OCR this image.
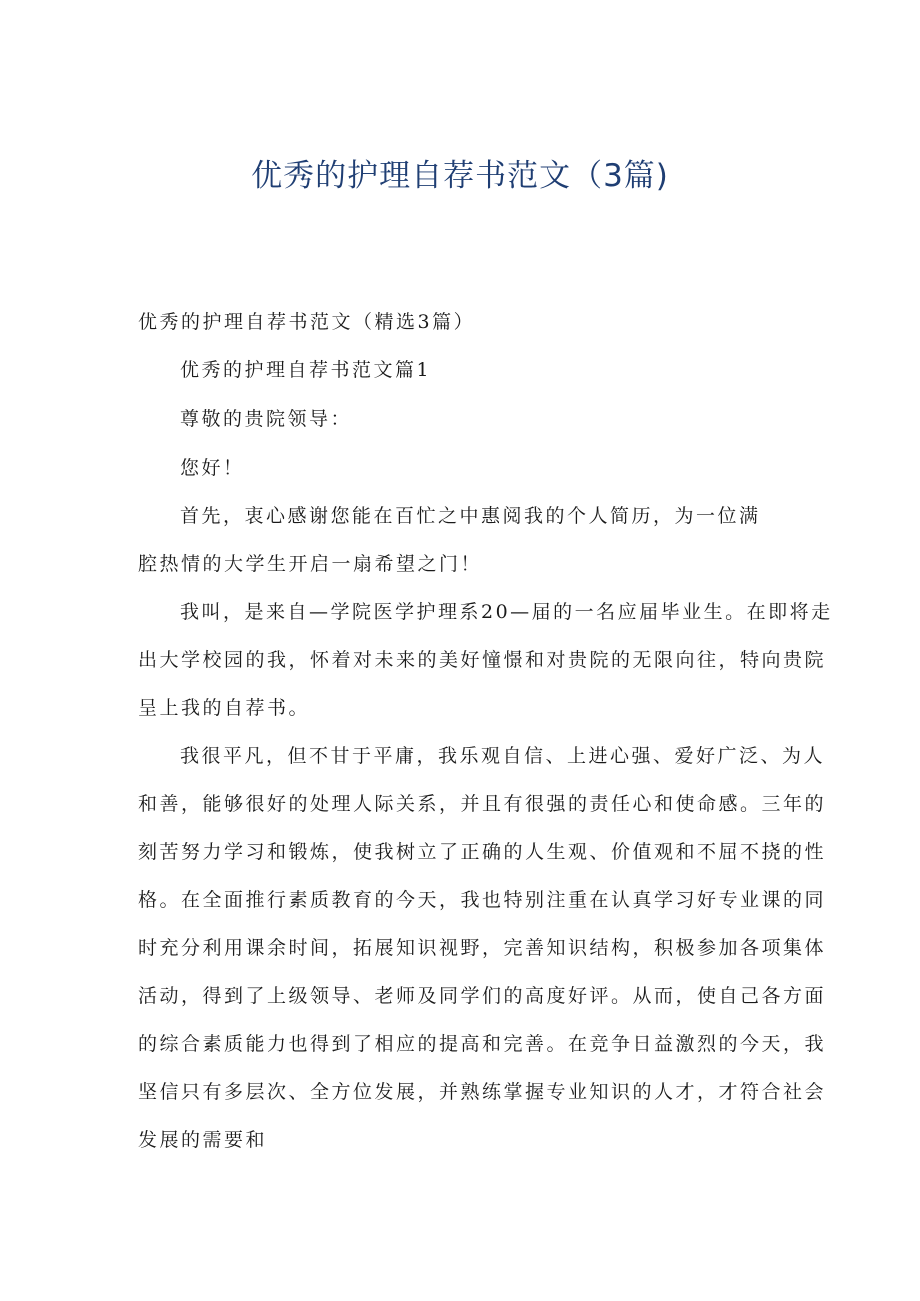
优秀的护理自荐书范文（3篇)

优秀的护理自荐书范文（精选3篇）

优秀的护理自荐书范文篇1

尊敬的贵院领导：

您好！

首先，衷心感谢您能在百忙之中惠阅我的个人简历，为一位满

腔热情的大学生开启一扇希望之门！

我叫，是来自—学院医学护理系20—届的一名应届毕业生。在即将走

出大学校园的我，怀着对未来的美好憧憬和对贵院的无限向往，特向贵院

呈上我的自荐书。

我很平凡，但不甘于平庸，我乐观自信、上进心强、爱好广泛、为人

和善，能够很好的处理人际关系，并且有很强的责任心和使命感。三年的

刻苦努力学习和锻炼，使我树立了正确的人生观、价值观和不屈不挠的性

格。在全面推行素质教育的今天，我也特别注重在认真学习好专业课的同

时充分利用课余时间，拓展知识视野，完善知识结构，积极参加各项集体

活动，得到了上级领导、老师及同学们的高度好评。从而，使自己各方面

的综合素质能力也得到了相应的提高和完善。在竞争日益激烈的今天，我

坚信只有多层次、全方位发展，并熟练掌握专业知识的人才，才符合社会

发展的需要和
